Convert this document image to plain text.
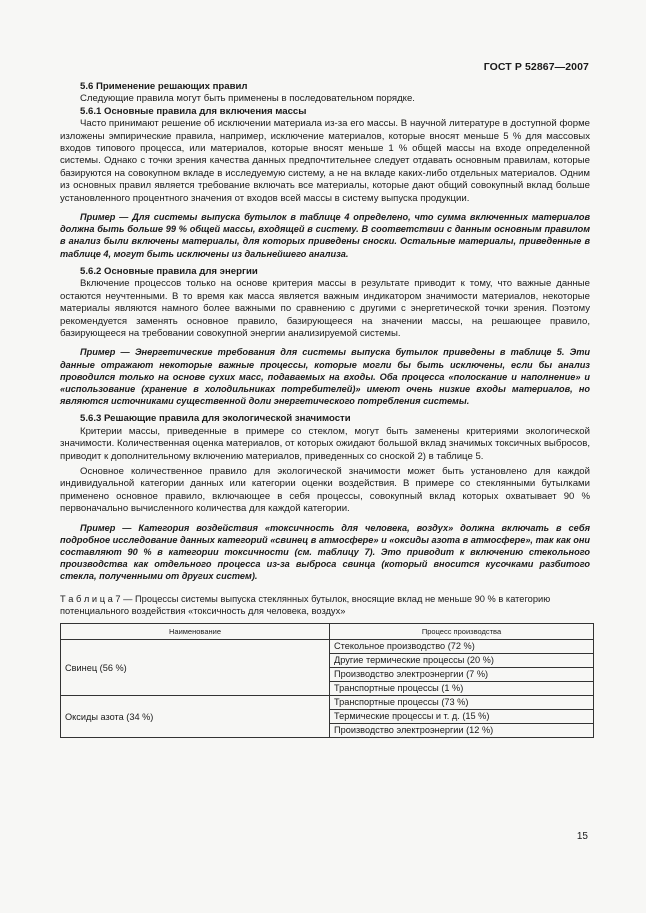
ГОСТ Р 52867—2007
5.6 Применение решающих правил

Следующие правила могут быть применены в последовательном порядке.

5.6.1 Основные правила для включения массы

Часто принимают решение об исключении материала из-за его массы. В научной литературе в доступной форме изложены эмпирические правила, например, исключение материалов, которые вносят меньше 5 % для массовых входов типового процесса, или материалов, которые вносят меньше 1 % общей массы на входе определенной системы. Однако с точки зрения качества данных предпочтительнее следует отдавать основным правилам, которые базируются на совокупном вкладе в исследуемую систему, а не на вкладе каких-либо отдельных материалов. Одним из основных правил является требование включать все материалы, которые дают общий совокупный вклад больше установленного процентного значения от входов всей массы в систему выпуска продукции.

Пример — Для системы выпуска бутылок в таблице 4 определено, что сумма включенных материалов должна быть больше 99 % общей массы, входящей в систему. В соответствии с данным основным правилом в анализ были включены материалы, для которых приведены сноски. Остальные материалы, приведенные в таблице 4, могут быть исключены из дальнейшего анализа.

5.6.2 Основные правила для энергии

Включение процессов только на основе критерия массы в результате приводит к тому, что важные данные остаются неучтенными. В то время как масса является важным индикатором значимости материалов, некоторые материалы являются намного более важными по сравнению с другими с энергетической точки зрения. Поэтому рекомендуется заменять основное правило, базирующееся на значении массы, на решающее правило, базирующееся на требовании совокупной энергии анализируемой системы.

Пример — Энергетические требования для системы выпуска бутылок приведены в таблице 5. Эти данные отражают некоторые важные процессы, которые могли бы быть исключены, если бы анализ проводился только на основе сухих масс, подаваемых на входы. Оба процесса «полоскание и наполнение» и «использование (хранение в холодильниках потребителей)» имеют очень низкие входы материалов, но являются источниками существенной доли энергетического потребления системы.

5.6.3 Решающие правила для экологической значимости

Критерии массы, приведенные в примере со стеклом, могут быть заменены критериями экологической значимости. Количественная оценка материалов, от которых ожидают большой вклад значимых токсичных выбросов, приводит к дополнительному включению материалов, приведенных со сноской 2) в таблице 5.

Основное количественное правило для экологической значимости может быть установлено для каждой индивидуальной категории данных или категории оценки воздействия. В примере со стеклянными бутылками применено основное правило, включающее в себя процессы, совокупный вклад которых охватывает 90 % первоначально вычисленного количества для каждой категории.

Пример — Категория воздействия «токсичность для человека, воздух» должна включать в себя подробное исследование данных категорий «свинец в атмосфере» и «оксиды азота в атмосфере», так как они составляют 90 % в категории токсичности (см. таблицу 7). Это приводит к включению стекольного производства как отдельного процесса из-за выброса свинца (который вносится кусочками разбитого стекла, полученными от других систем).

Т а б л и ц а 7 — Процессы системы выпуска стеклянных бутылок, вносящие вклад не меньше 90 % в категорию потенциального воздействия «токсичность для человека, воздух»
Наименование	Процесс производства
Свинец (56 %)	Стекольное производство (72 %)
	Другие термические процессы (20 %)
	Производство электроэнергии (7 %)
	Транспортные процессы (1 %)
Оксиды азота (34 %)	Транспортные процессы (73 %)
	Термические процессы и т. д. (15 %)
	Производство электроэнергии (12 %)
15
